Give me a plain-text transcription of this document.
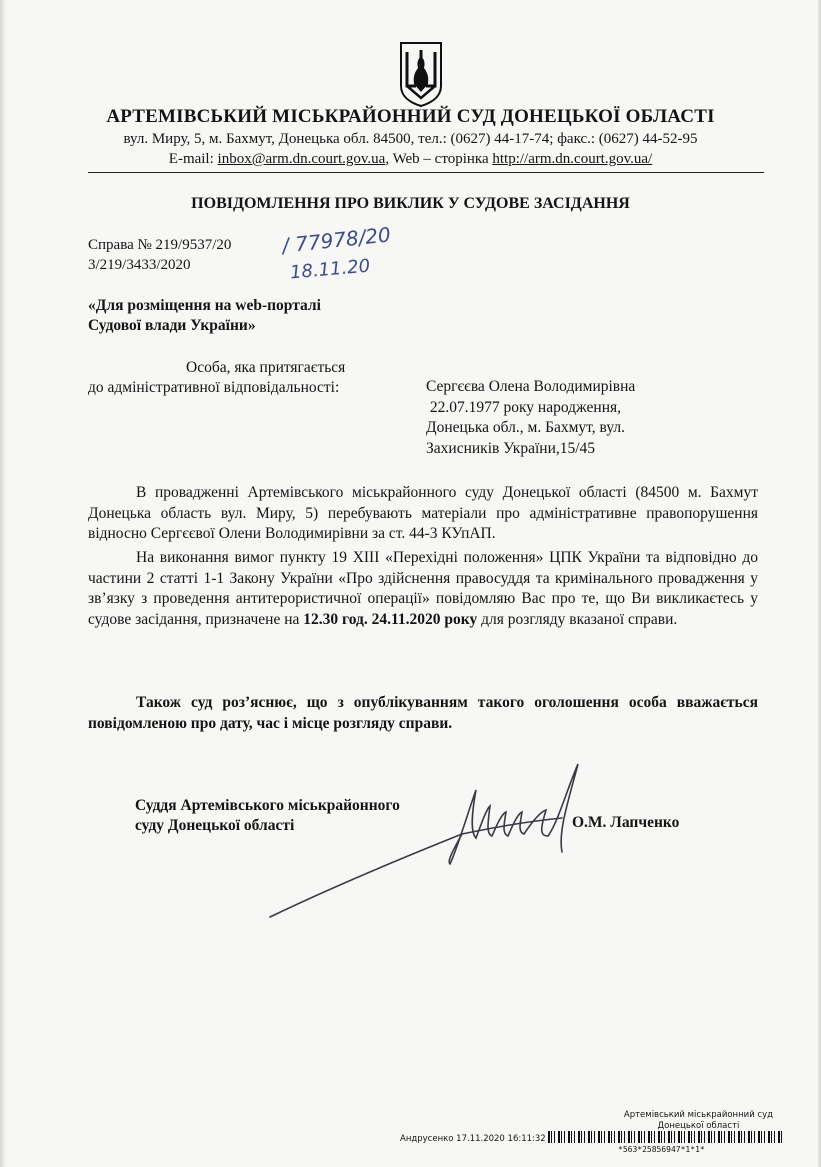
АРТЕМІВСЬКИЙ МІСЬКРАЙОННИЙ СУД ДОНЕЦЬКОЇ ОБЛАСТІ
вул. Миру, 5, м. Бахмут, Донецька обл. 84500, тел.: (0627) 44-17-74; факс.: (0627) 44-52-95
E-mail: inbox@arm.dn.court.gov.ua, Web – сторінка http://arm.dn.court.gov.ua/
ПОВІДОМЛЕННЯ ПРО ВИКЛИК У СУДОВЕ ЗАСІДАННЯ
Справа № 219/9537/20
3/219/3433/2020
/ 77978/20
18.11.20
«Для розміщення на web-порталі
Судової влади України»
Особа, яка притягається
до адміністративної відповідальності:	Сергєєва Олена Володимирівна
22.07.1977 року народження,
Донецька обл., м. Бахмут, вул.
Захисників України,15/45
В провадженні Артемівського міськрайонного суду Донецької області (84500 м. Бахмут Донецька область вул. Миру, 5) перебувають матеріали про адміністративне правопорушення відносно Сергєєвої Олени Володимирівни за ст. 44-3 КУпАП.
На виконання вимог пункту 19 XIII «Перехідні положення» ЦПК України та відповідно до частини 2 статті 1-1 Закону України «Про здійснення правосуддя та кримінального провадження у зв’язку з проведення антитерористичної операції» повідомляю Вас про те, що Ви викликаєтесь у судове засідання, призначене на 12.30 год. 24.11.2020 року для розгляду вказаної справи.
Також суд роз’яснює, що з опублікуванням такого оголошення особа вважається повідомленою про дату, час і місце розгляду справи.
Суддя Артемівського міськрайонного
суду Донецької області	О.М. Лапченко
Артемівський міськрайонний суд
Донецької області
Андрусенко 17.11.2020 16:11:32
*563*25856947*1*1*
